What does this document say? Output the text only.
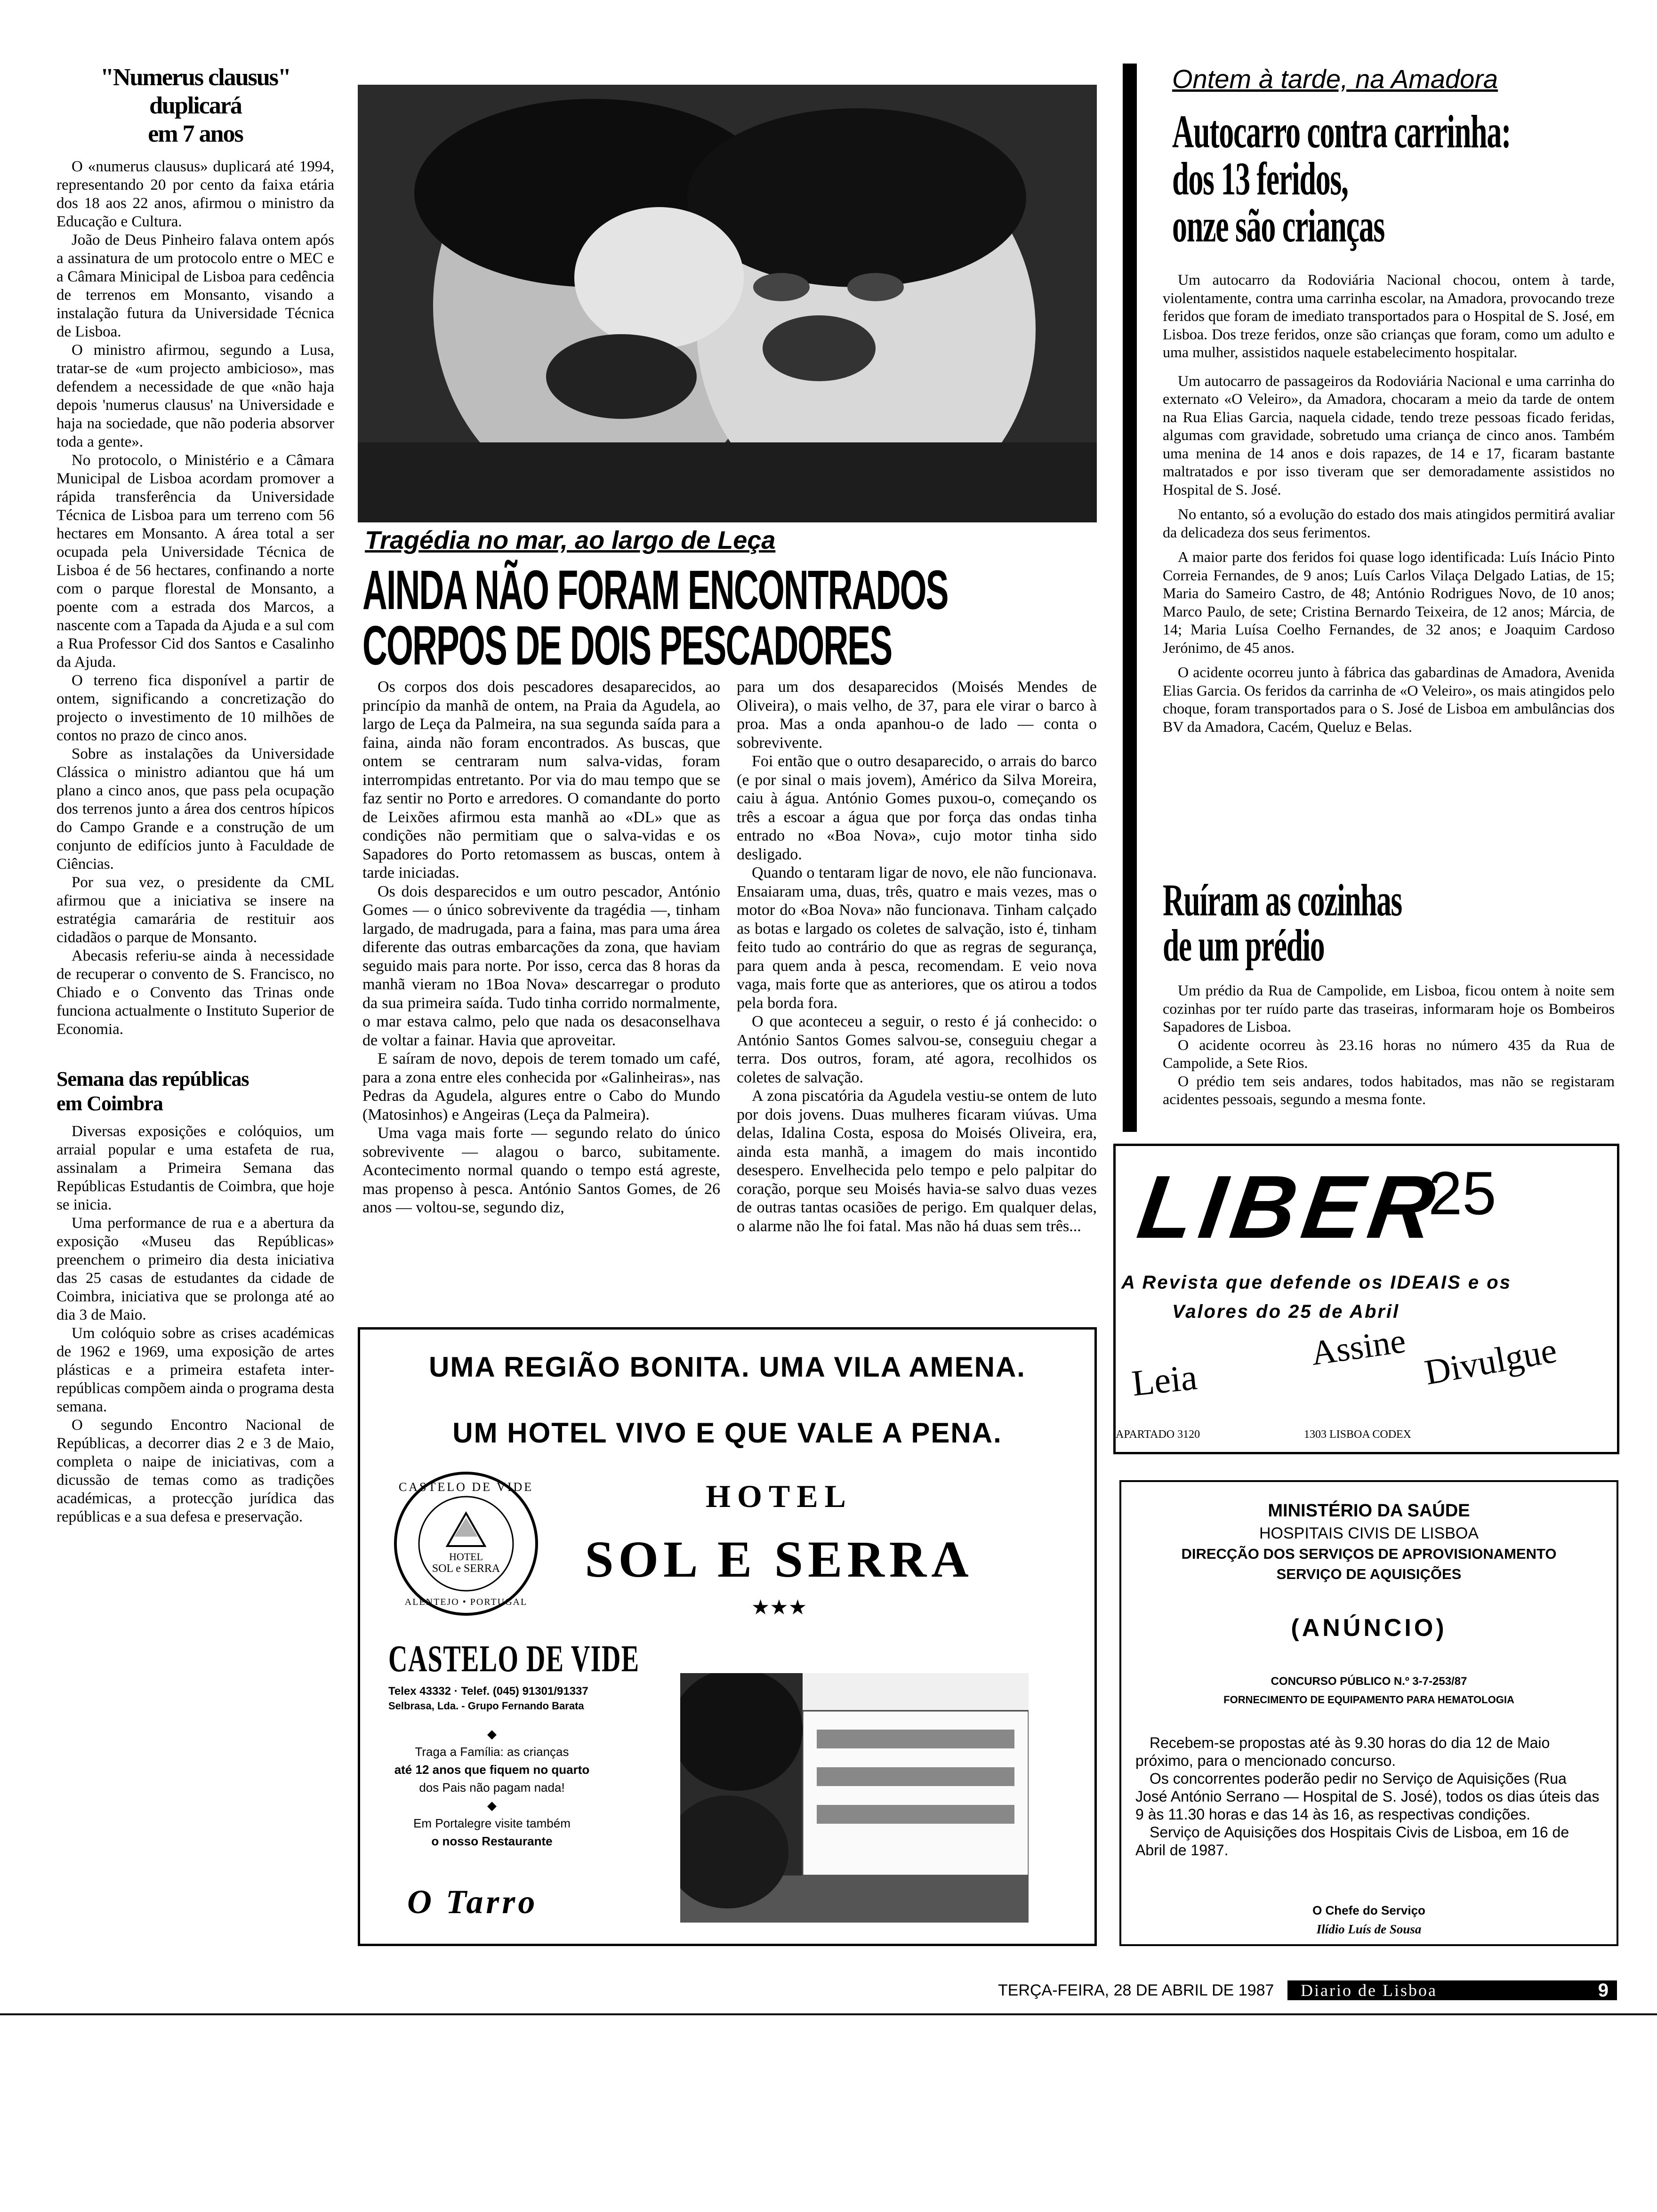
"Numerus clausus"
duplicará
em 7 anos

O «numerus clausus» duplicará até 1994, representando 20 por cento da faixa etária dos 18 aos 22 anos, afirmou o ministro da Educação e Cultura.

João de Deus Pinheiro falava ontem após a assinatura de um protocolo entre o MEC e a Câmara Minicipal de Lisboa para cedência de terrenos em Monsanto, visando a instalação futura da Universidade Técnica de Lisboa.

O ministro afirmou, segundo a Lusa, tratar-se de «um projecto ambicioso», mas defendem a necessidade de que «não haja depois 'numerus clausus' na Universidade e haja na sociedade, que não poderia absorver toda a gente».

No protocolo, o Ministério e a Câmara Municipal de Lisboa acordam promover a rápida transferência da Universidade Técnica de Lisboa para um terreno com 56 hectares em Monsanto. A área total a ser ocupada pela Universidade Técnica de Lisboa é de 56 hectares, confinando a norte com o parque florestal de Monsanto, a poente com a estrada dos Marcos, a nascente com a Tapada da Ajuda e a sul com a Rua Professor Cid dos Santos e Casalinho da Ajuda.

O terreno fica disponível a partir de ontem, significando a concretização do projecto o investimento de 10 milhões de contos no prazo de cinco anos.

Sobre as instalações da Universidade Clássica o ministro adiantou que há um plano a cinco anos, que pass pela ocupação dos terrenos junto a área dos centros hípicos do Campo Grande e a construção de um conjunto de edifícios junto à Faculdade de Ciências.

Por sua vez, o presidente da CML afirmou que a iniciativa se insere na estratégia camarária de restituir aos cidadãos o parque de Monsanto.

Abecasis referiu-se ainda à necessidade de recuperar o convento de S. Francisco, no Chiado e o Convento das Trinas onde funciona actualmente o Instituto Superior de Economia.

Semana das repúblicas
em Coimbra

Diversas exposições e colóquios, um arraial popular e uma estafeta de rua, assinalam a Primeira Semana das Repúblicas Estudantis de Coimbra, que hoje se inicia.

Uma performance de rua e a abertura da exposição «Museu das Repúblicas» preenchem o primeiro dia desta iniciativa das 25 casas de estudantes da cidade de Coimbra, iniciativa que se prolonga até ao dia 3 de Maio.

Um colóquio sobre as crises académicas de 1962 e 1969, uma exposição de artes plásticas e a primeira estafeta inter-repúblicas compõem ainda o programa desta semana.

O segundo Encontro Nacional de Repúblicas, a decorrer dias 2 e 3 de Maio, completa o naipe de iniciativas, com a dicussão de temas como as tradições académicas, a protecção jurídica das repúblicas e a sua defesa e preservação.

Tragédia no mar, ao largo de Leça
AINDA NÃO FORAM ENCONTRADOS
CORPOS DE DOIS PESCADORES

Os corpos dos dois pescadores desaparecidos, ao princípio da manhã de ontem, na Praia da Agudela, ao largo de Leça da Palmeira, na sua segunda saída para a faina, ainda não foram encontrados. As buscas, que ontem se centraram num salva-vidas, foram interrompidas entretanto. Por via do mau tempo que se faz sentir no Porto e arredores. O comandante do porto de Leixões afirmou esta manhã ao «DL» que as condições não permitiam que o salva-vidas e os Sapadores do Porto retomassem as buscas, ontem à tarde iniciadas.

Os dois desparecidos e um outro pescador, António Gomes — o único sobrevivente da tragédia —, tinham largado, de madrugada, para a faina, mas para uma área diferente das outras embarcações da zona, que haviam seguido mais para norte. Por isso, cerca das 8 horas da manhã vieram no 1Boa Nova» descarregar o produto da sua primeira saída. Tudo tinha corrido normalmente, o mar estava calmo, pelo que nada os desaconselhava de voltar a fainar. Havia que aproveitar.

E saíram de novo, depois de terem tomado um café, para a zona entre eles conhecida por «Galinheiras», nas Pedras da Agudela, algures entre o Cabo do Mundo (Matosinhos) e Angeiras (Leça da Palmeira).

Uma vaga mais forte — segundo relato do único sobrevivente — alagou o barco, subitamente. Acontecimento normal quando o tempo está agreste, mas propenso à pesca. António Santos Gomes, de 26 anos — voltou-se, segundo diz,

para um dos desaparecidos (Moisés Mendes de Oliveira), o mais velho, de 37, para ele virar o barco à proa. Mas a onda apanhou-o de lado — conta o sobrevivente.

Foi então que o outro desaparecido, o arrais do barco (e por sinal o mais jovem), Américo da Silva Moreira, caiu à água. António Gomes puxou-o, começando os três a escoar a água que por força das ondas tinha entrado no «Boa Nova», cujo motor tinha sido desligado.

Quando o tentaram ligar de novo, ele não funcionava. Ensaiaram uma, duas, três, quatro e mais vezes, mas o motor do «Boa Nova» não funcionava. Tinham calçado as botas e largado os coletes de salvação, isto é, tinham feito tudo ao contrário do que as regras de segurança, para quem anda à pesca, recomendam. E veio nova vaga, mais forte que as anteriores, que os atirou a todos pela borda fora.

O que aconteceu a seguir, o resto é já conhecido: o António Santos Gomes salvou-se, conseguiu chegar a terra. Dos outros, foram, até agora, recolhidos os coletes de salvação.

A zona piscatória da Agudela vestiu-se ontem de luto por dois jovens. Duas mulheres ficaram viúvas. Uma delas, Idalina Costa, esposa do Moisés Oliveira, era, ainda esta manhã, a imagem do mais incontido desespero. Envelhecida pelo tempo e pelo palpitar do coração, porque seu Moisés havia-se salvo duas vezes de outras tantas ocasiões de perigo. Em qualquer delas, o alarme não lhe foi fatal. Mas não há duas sem três...

Ontem à tarde, na Amadora
Autocarro contra carrinha:
dos 13 feridos,
onze são crianças

Um autocarro da Rodoviária Nacional chocou, ontem à tarde, violentamente, contra uma carrinha escolar, na Amadora, provocando treze feridos que foram de imediato transportados para o Hospital de S. José, em Lisboa. Dos treze feridos, onze são crianças que foram, como um adulto e uma mulher, assistidos naquele estabelecimento hospitalar.

Um autocarro de passageiros da Rodoviária Nacional e uma carrinha do externato «O Veleiro», da Amadora, chocaram a meio da tarde de ontem na Rua Elias Garcia, naquela cidade, tendo treze pessoas ficado feridas, algumas com gravidade, sobretudo uma criança de cinco anos. Também uma menina de 14 anos e dois rapazes, de 14 e 17, ficaram bastante maltratados e por isso tiveram que ser demoradamente assistidos no Hospital de S. José.

No entanto, só a evolução do estado dos mais atingidos permitirá avaliar da delicadeza dos seus ferimentos.

A maior parte dos feridos foi quase logo identificada: Luís Inácio Pinto Correia Fernandes, de 9 anos; Luís Carlos Vilaça Delgado Latias, de 15; Maria do Sameiro Castro, de 48; António Rodrigues Novo, de 10 anos; Marco Paulo, de sete; Cristina Bernardo Teixeira, de 12 anos; Márcia, de 14; Maria Luísa Coelho Fernandes, de 32 anos; e Joaquim Cardoso Jerónimo, de 45 anos.

O acidente ocorreu junto à fábrica das gabardinas de Amadora, Avenida Elias Garcia. Os feridos da carrinha de «O Veleiro», os mais atingidos pelo choque, foram transportados para o S. José de Lisboa em ambulâncias dos BV da Amadora, Cacém, Queluz e Belas.

Ruíram as cozinhas
de um prédio

Um prédio da Rua de Campolide, em Lisboa, ficou ontem à noite sem cozinhas por ter ruído parte das traseiras, informaram hoje os Bombeiros Sapadores de Lisboa.

O acidente ocorreu às 23.16 horas no número 435 da Rua de Campolide, a Sete Rios.

O prédio tem seis andares, todos habitados, mas não se registaram acidentes pessoais, segundo a mesma fonte.

LIBER 25
A Revista que defende os IDEAIS e os
Valores do 25 de Abril
Leia
Assine Divulgue
APARTADO 3120	1303 LISBOA CODEX
UMA REGIÃO BONITA. UMA VILA AMENA.
UM HOTEL VIVO E QUE VALE A PENA.
CASTELO DE VIDE
HOTEL
SOL e SERRA
ALENTEJO • PORTUGAL
HOTEL
SOL E SERRA
★★★
CASTELO DE VIDE
Telex 43332 · Telef. (045) 91301/91337
Selbrasa, Lda. - Grupo Fernando Barata
◆
Traga a Família: as crianças
até 12 anos que fiquem no quarto
dos Pais não pagam nada!
◆
Em Portalegre visite também
o nosso Restaurante
O Tarro
MINISTÉRIO DA SAÚDE
HOSPITAIS CIVIS DE LISBOA
DIRECÇÃO DOS SERVIÇOS DE APROVISIONAMENTO
SERVIÇO DE AQUISIÇÕES
(ANÚNCIO)
CONCURSO PÚBLICO N.º 3-7-253/87
FORNECIMENTO DE EQUIPAMENTO PARA HEMATOLOGIA

Recebem-se propostas até às 9.30 horas do dia 12 de Maio próximo, para o mencionado concurso.

Os concorrentes poderão pedir no Serviço de Aquisições (Rua José António Serrano — Hospital de S. José), todos os dias úteis das 9 às 11.30 horas e das 14 às 16, as respectivas condições.

Serviço de Aquisições dos Hospitais Civis de Lisboa, em 16 de Abril de 1987.

O Chefe do Serviço
Ilídio Luís de Sousa
TERÇA-FEIRA, 28 DE ABRIL DE 1987 Diario de Lisboa	9
